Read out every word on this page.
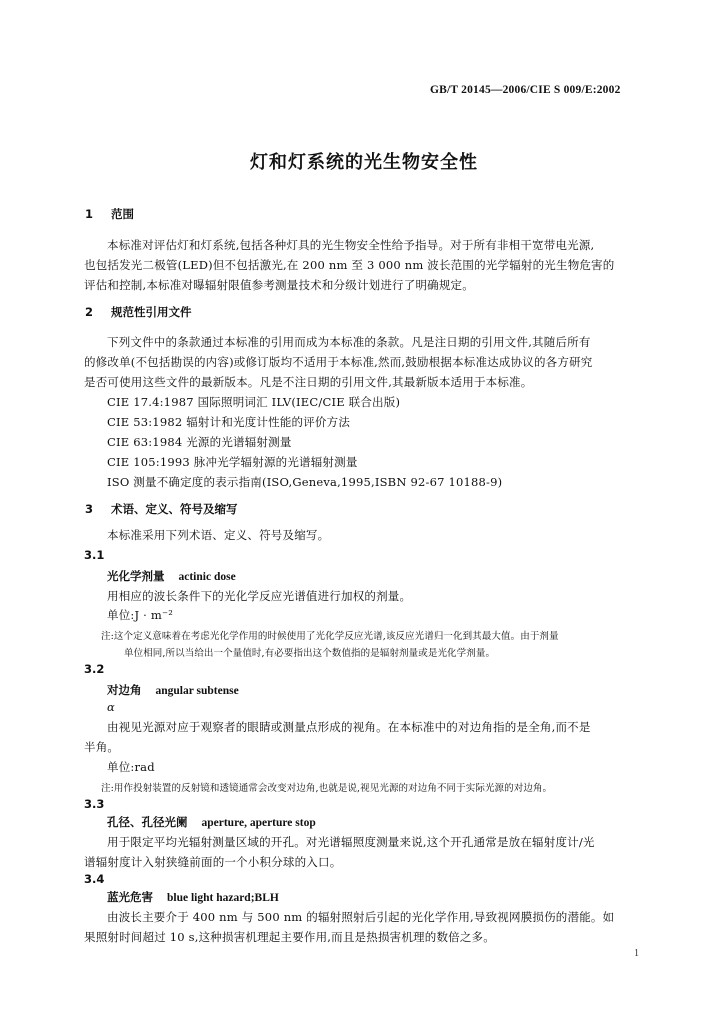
GB/T 20145—2006/CIE S 009/E:2002
灯和灯系统的光生物安全性
1 范围
本标准对评估灯和灯系统,包括各种灯具的光生物安全性给予指导。对于所有非相干宽带电光源,
也包括发光二极管(LED)但不包括激光,在 200 nm 至 3 000 nm 波长范围的光学辐射的光生物危害的
评估和控制,本标准对曝辐射限值参考测量技术和分级计划进行了明确规定。
2 规范性引用文件
下列文件中的条款通过本标准的引用而成为本标准的条款。凡是注日期的引用文件,其随后所有
的修改单(不包括勘误的内容)或修订版均不适用于本标准,然而,鼓励根据本标准达成协议的各方研究
是否可使用这些文件的最新版本。凡是不注日期的引用文件,其最新版本适用于本标准。
CIE 17.4:1987 国际照明词汇 ILV(IEC/CIE 联合出版)
CIE 53:1982 辐射计和光度计性能的评价方法
CIE 63:1984 光源的光谱辐射测量
CIE 105:1993 脉冲光学辐射源的光谱辐射测量
ISO 测量不确定度的表示指南(ISO,Geneva,1995,ISBN 92-67 10188-9)
3 术语、定义、符号及缩写
本标准采用下列术语、定义、符号及缩写。
3.1
光化学剂量 actinic dose
用相应的波长条件下的光化学反应光谱值进行加权的剂量。
单位:J · m⁻²
注:这个定义意味着在考虑光化学作用的时候使用了光化学反应光谱,该反应光谱归一化到其最大值。由于剂量
单位相同,所以当给出一个量值时,有必要指出这个数值指的是辐射剂量或是光化学剂量。
3.2
对边角 angular subtense
α
由视见光源对应于观察者的眼睛或测量点形成的视角。在本标准中的对边角指的是全角,而不是
半角。
单位:rad
注:用作投射装置的反射镜和透镜通常会改变对边角,也就是说,视见光源的对边角不同于实际光源的对边角。
3.3
孔径、孔径光阑 aperture, aperture stop
用于限定平均光辐射测量区域的开孔。对光谱辐照度测量来说,这个开孔通常是放在辐射度计/光
谱辐射度计入射狭缝前面的一个小积分球的入口。
3.4
蓝光危害 blue light hazard;BLH
由波长主要介于 400 nm 与 500 nm 的辐射照射后引起的光化学作用,导致视网膜损伤的潜能。如
果照射时间超过 10 s,这种损害机理起主要作用,而且是热损害机理的数倍之多。
1
